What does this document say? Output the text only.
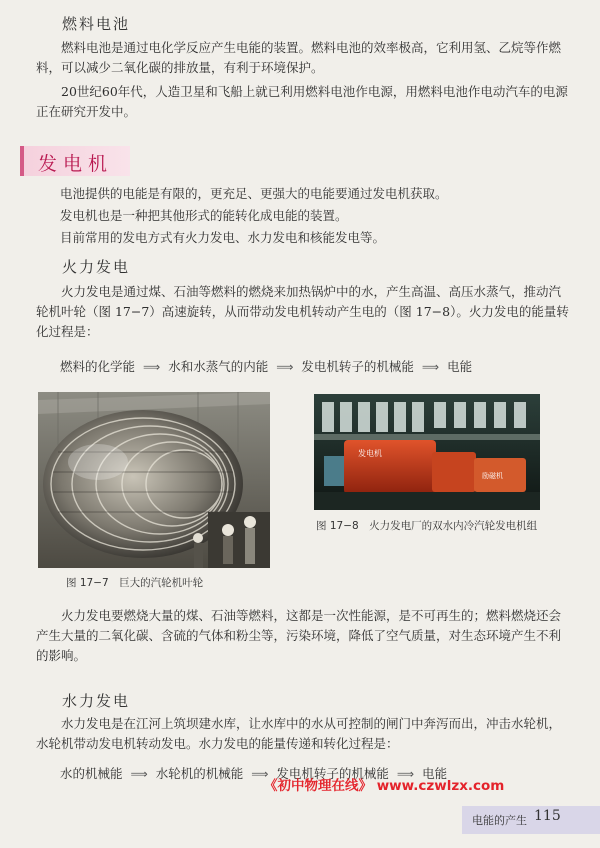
燃料电池

燃料电池是通过电化学反应产生电能的装置。燃料电池的效率极高，它利用氢、乙烷等作燃料，可以减少二氧化碳的排放量，有利于环境保护。

20世纪60年代，人造卫星和飞船上就已利用燃料电池作电源，用燃料电池作电动汽车的电源正在研究开发中。

发电机

电池提供的电能是有限的，更充足、更强大的电能要通过发电机获取。

发电机也是一种把其他形式的能转化成电能的装置。

目前常用的发电方式有火力发电、水力发电和核能发电等。

火力发电

火力发电是通过煤、石油等燃料的燃烧来加热锅炉中的水，产生高温、高压水蒸气，推动汽轮机叶轮（图 17−7）高速旋转，从而带动发电机转动产生电的（图 17−8）。火力发电的能量转化过程是：

燃料的化学能 ⟹ 水和水蒸气的内能 ⟹ 发电机转子的机械能 ⟹ 电能
图 17−7　巨大的汽轮机叶轮
发电机
励磁机
图 17−8　火力发电厂的双水内冷汽轮发电机组

火力发电要燃烧大量的煤、石油等燃料，这都是一次性能源，是不可再生的；燃料燃烧还会产生大量的二氧化碳、含硫的气体和粉尘等，污染环境，降低了空气质量，对生态环境产生不利的影响。

水力发电

水力发电是在江河上筑坝建水库，让水库中的水从可控制的闸门中奔泻而出，冲击水轮机，水轮机带动发电机转动发电。水力发电的能量传递和转化过程是：

水的机械能 ⟹ 水轮机的机械能 ⟹ 发电机转子的机械能 ⟹ 电能
《初中物理在线》 www.czwlzx.com
电能的产生 115
